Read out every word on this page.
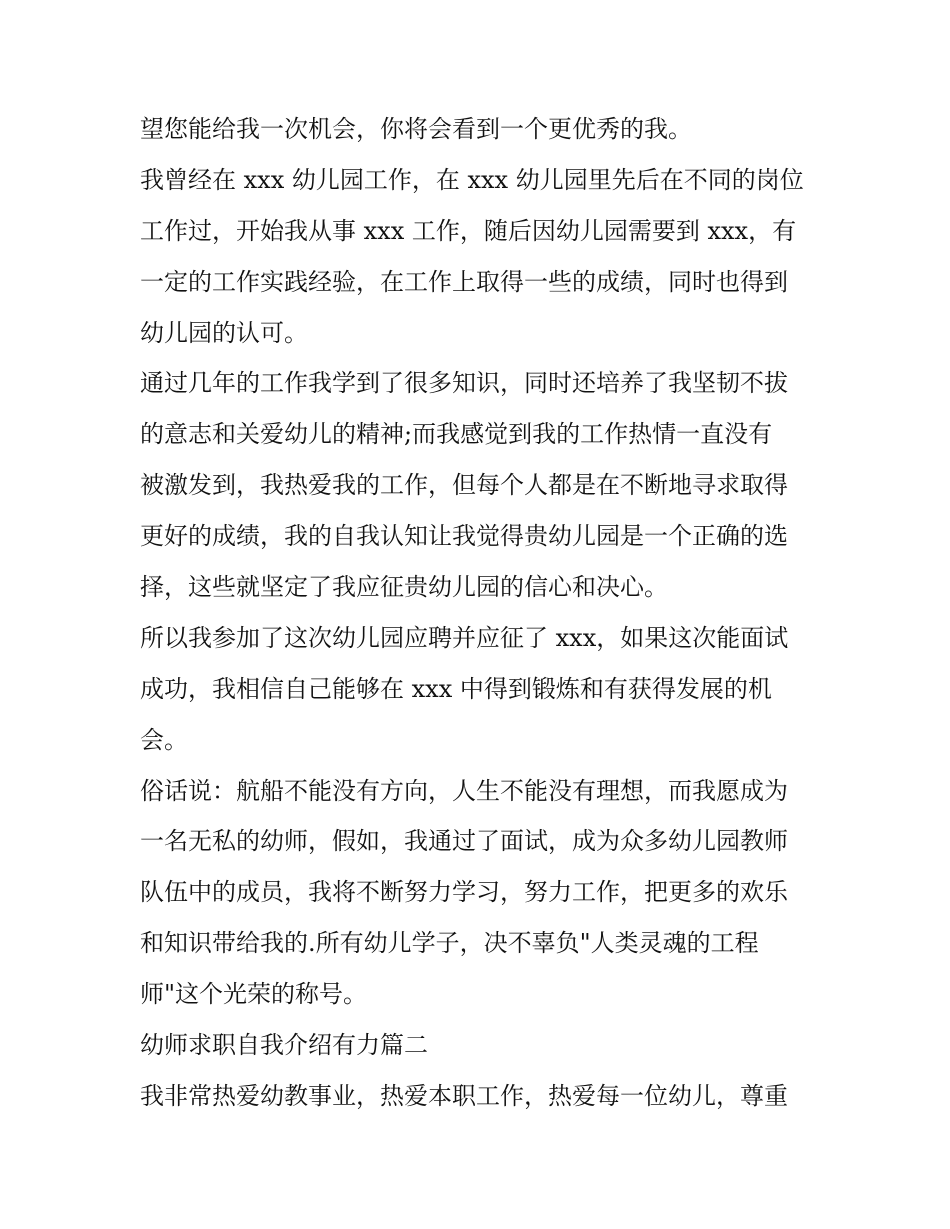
望您能给我一次机会，你将会看到一个更优秀的我。
我曾经在 xxx 幼儿园工作，在 xxx 幼儿园里先后在不同的岗位
工作过，开始我从事 xxx 工作，随后因幼儿园需要到 xxx，有
一定的工作实践经验，在工作上取得一些的成绩，同时也得到
幼儿园的认可。
通过几年的工作我学到了很多知识，同时还培养了我坚韧不拔
的意志和关爱幼儿的精神;而我感觉到我的工作热情一直没有
被激发到，我热爱我的工作，但每个人都是在不断地寻求取得
更好的成绩，我的自我认知让我觉得贵幼儿园是一个正确的选
择，这些就坚定了我应征贵幼儿园的信心和决心。
所以我参加了这次幼儿园应聘并应征了 xxx，如果这次能面试
成功，我相信自己能够在 xxx 中得到锻炼和有获得发展的机
会。
俗话说：航船不能没有方向，人生不能没有理想，而我愿成为
一名无私的幼师，假如，我通过了面试，成为众多幼儿园教师
队伍中的成员，我将不断努力学习，努力工作，把更多的欢乐
和知识带给我的.所有幼儿学子，决不辜负"人类灵魂的工程
师"这个光荣的称号。
幼师求职自我介绍有力篇二
我非常热爱幼教事业，热爱本职工作，热爱每一位幼儿，尊重
